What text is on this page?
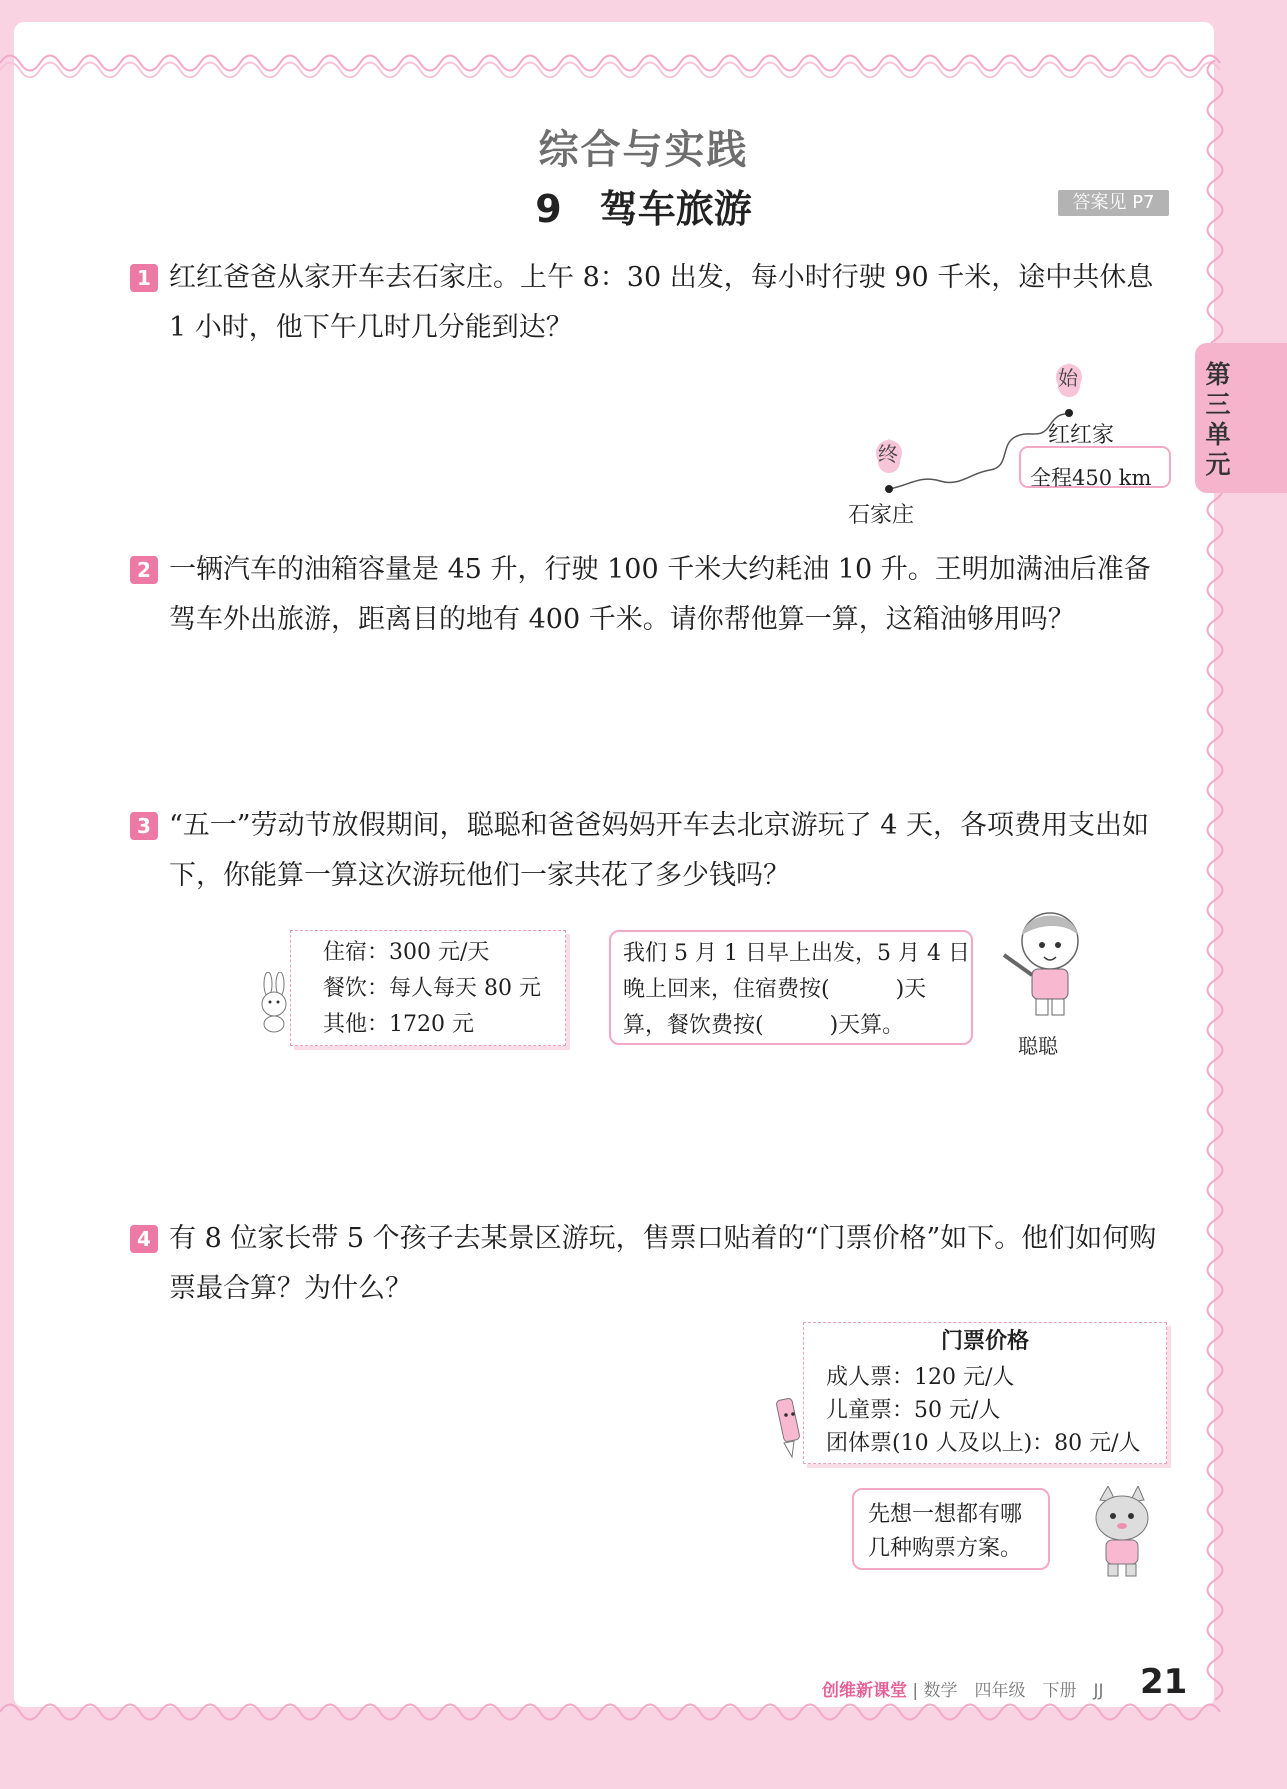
综合与实践
9　驾车旅游	答案见 P7
第三单元
1 红红爸爸从家开车去石家庄。上午 8：30 出发，每小时行驶 90 千米，途中共休息 1 小时，他下午几时几分能到达？

始
终
红红家
石家庄
全程450 km
2 一辆汽车的油箱容量是 45 升，行驶 100 千米大约耗油 10 升。王明加满油后准备驾车外出旅游，距离目的地有 400 千米。请你帮他算一算，这箱油够用吗？

3 “五一”劳动节放假期间，聪聪和爸爸妈妈开车去北京游玩了 4 天，各项费用支出如下，你能算一算这次游玩他们一家共花了多少钱吗？

住宿：300 元/天
餐饮：每人每天 80 元
其他：1720 元
我们 5 月 1 日早上出发，5 月 4 日
晚上回来，住宿费按(　　　)天
算，餐饮费按(　　　)天算。
聪聪
4 有 8 位家长带 5 个孩子去某景区游玩，售票口贴着的“门票价格”如下。他们如何购票最合算？为什么？

门票价格
成人票：120 元/人
儿童票：50 元/人
团体票(10 人及以上)：80 元/人
先想一想都有哪
几种购票方案。
创维新课堂 | 数学　四年级　下册　JJ 21
